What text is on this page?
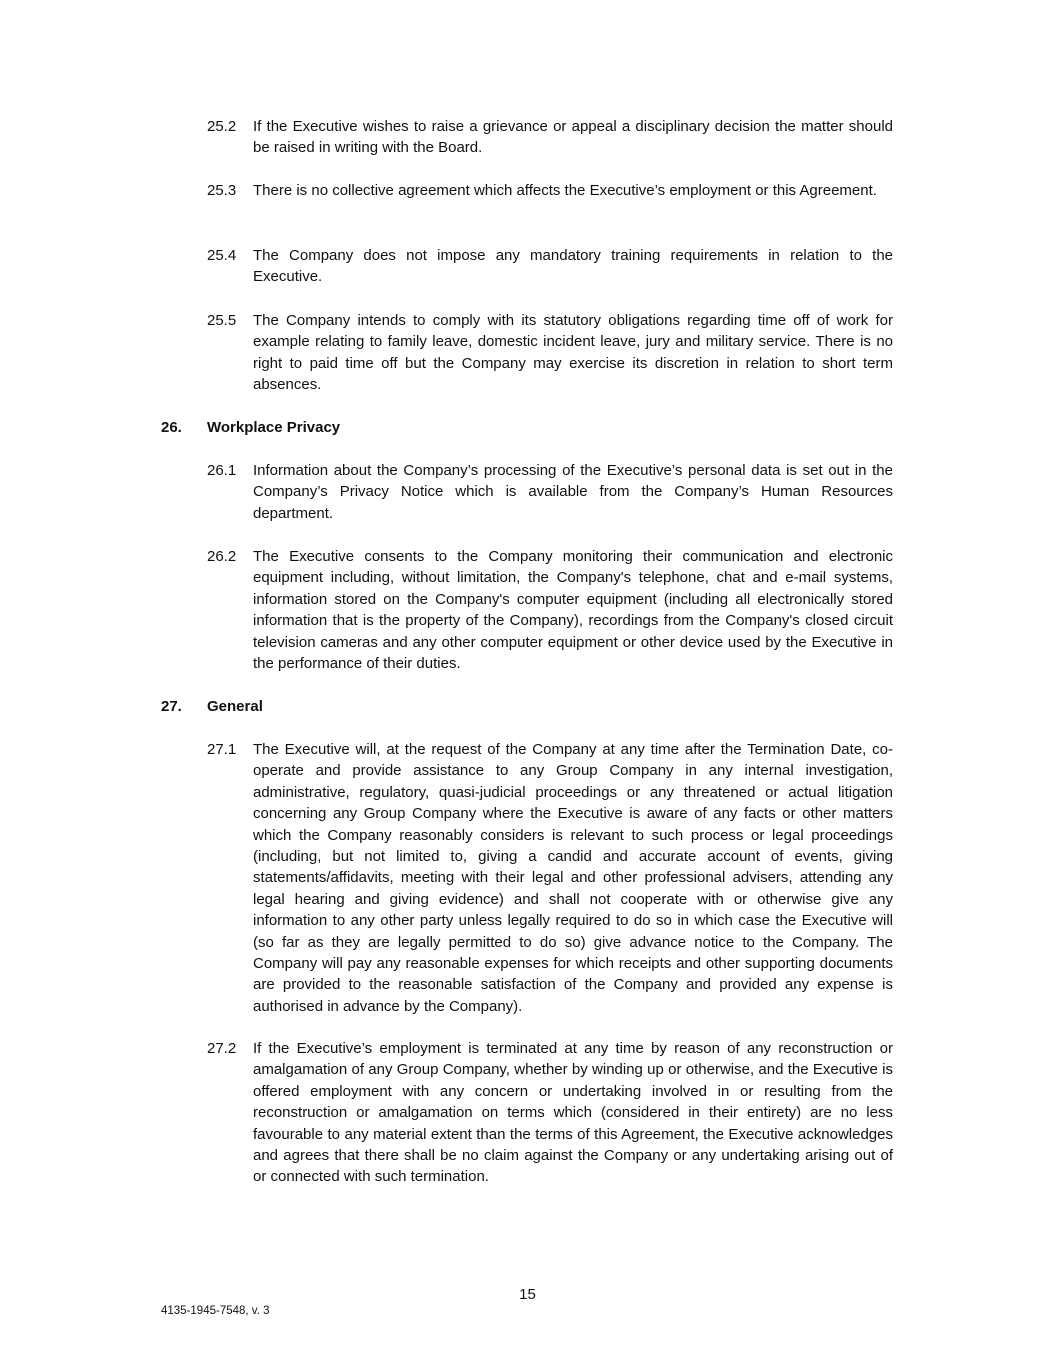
25.2 If the Executive wishes to raise a grievance or appeal a disciplinary decision the matter should be raised in writing with the Board.
25.3 There is no collective agreement which affects the Executive’s employment or this Agreement.
25.4 The Company does not impose any mandatory training requirements in relation to the Executive.
25.5 The Company intends to comply with its statutory obligations regarding time off of work for example relating to family leave, domestic incident leave, jury and military service. There is no right to paid time off but the Company may exercise its discretion in relation to short term absences.
26. Workplace Privacy
26.1 Information about the Company’s processing of the Executive’s personal data is set out in the Company’s Privacy Notice which is available from the Company’s Human Resources department.
26.2 The Executive consents to the Company monitoring their communication and electronic equipment including, without limitation, the Company's telephone, chat and e-mail systems, information stored on the Company's computer equipment (including all electronically stored information that is the property of the Company), recordings from the Company's closed circuit television cameras and any other computer equipment or other device used by the Executive in the performance of their duties.
27. General
27.1 The Executive will, at the request of the Company at any time after the Termination Date, co-operate and provide assistance to any Group Company in any internal investigation, administrative, regulatory, quasi-judicial proceedings or any threatened or actual litigation concerning any Group Company where the Executive is aware of any facts or other matters which the Company reasonably considers is relevant to such process or legal proceedings (including, but not limited to, giving a candid and accurate account of events, giving statements/affidavits, meeting with their legal and other professional advisers, attending any legal hearing and giving evidence) and shall not cooperate with or otherwise give any information to any other party unless legally required to do so in which case the Executive will (so far as they are legally permitted to do so) give advance notice to the Company. The Company will pay any reasonable expenses for which receipts and other supporting documents are provided to the reasonable satisfaction of the Company and provided any expense is authorised in advance by the Company).
27.2 If the Executive’s employment is terminated at any time by reason of any reconstruction or amalgamation of any Group Company, whether by winding up or otherwise, and the Executive is offered employment with any concern or undertaking involved in or resulting from the reconstruction or amalgamation on terms which (considered in their entirety) are no less favourable to any material extent than the terms of this Agreement, the Executive acknowledges and agrees that there shall be no claim against the Company or any undertaking arising out of or connected with such termination.
15
4135-1945-7548, v. 3
